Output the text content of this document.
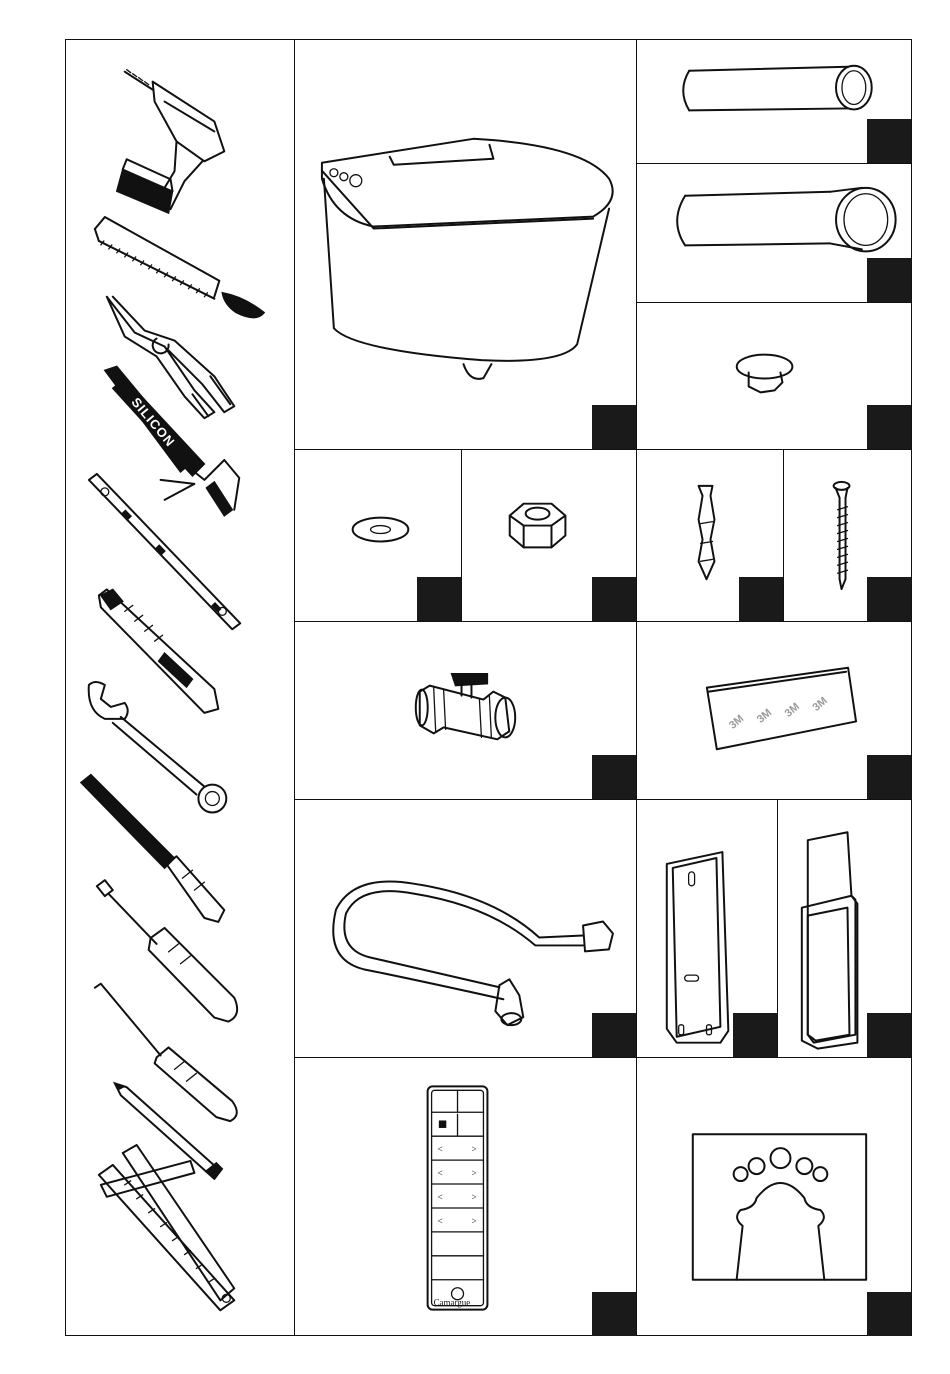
SILICON
3M 3M 3M 3M
<	>
<	>
<	>
<	>
Camargue
